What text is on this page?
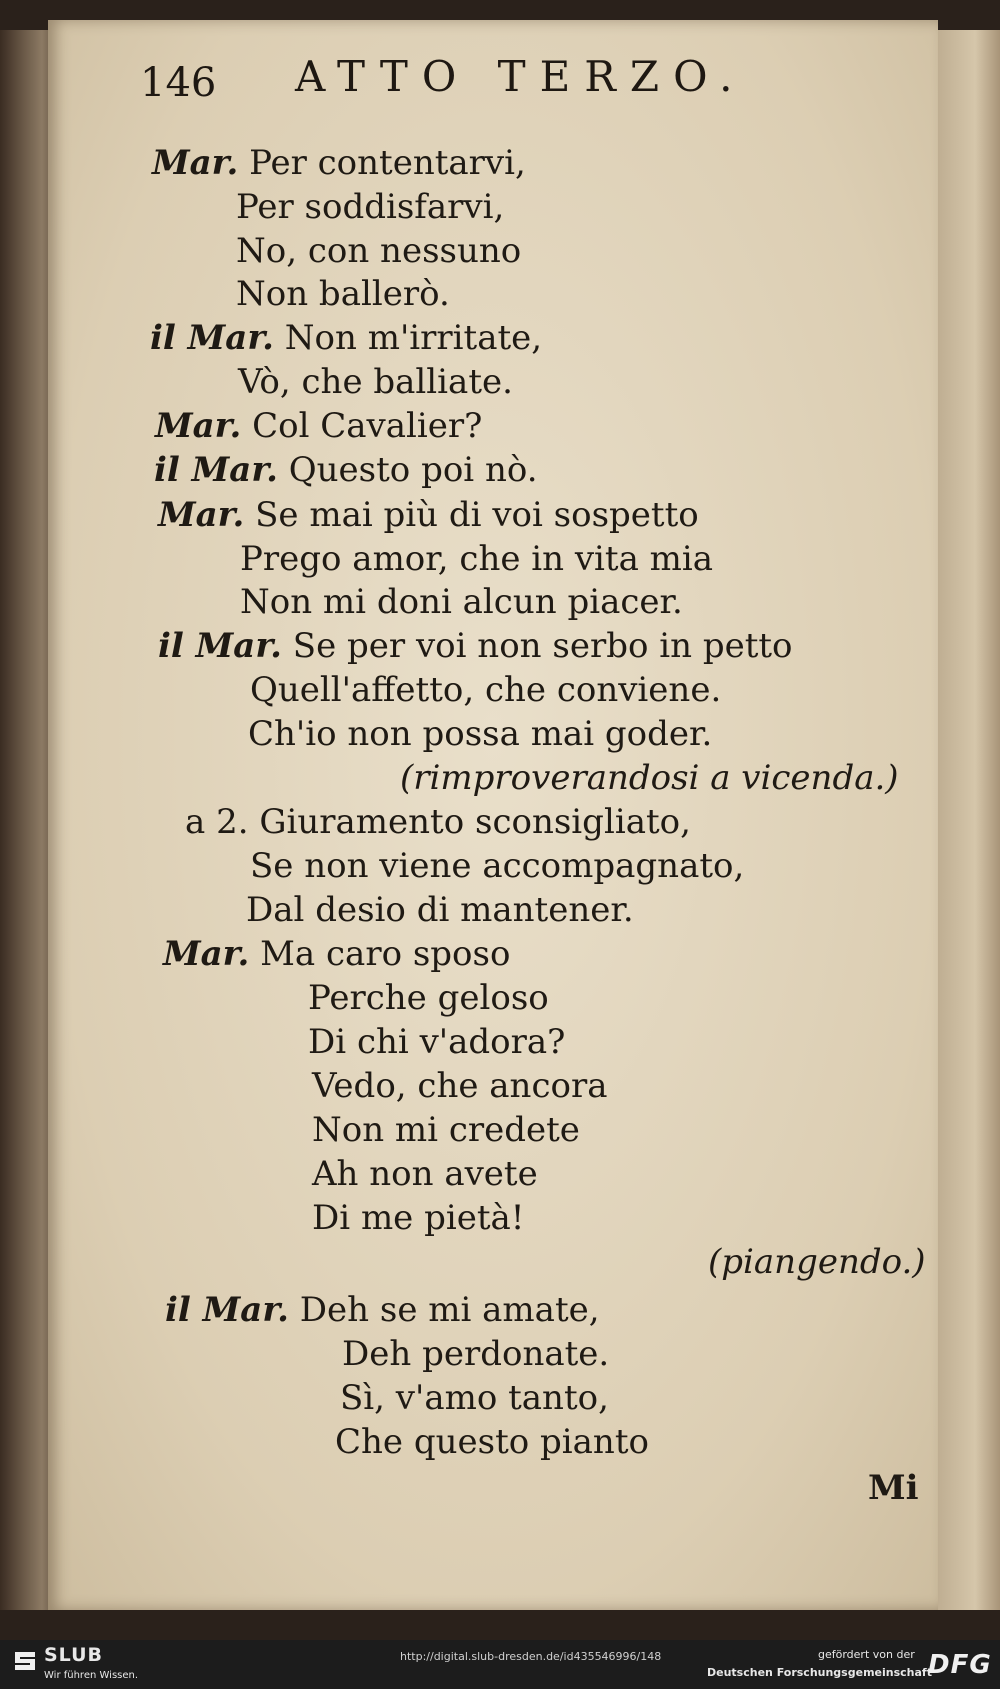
146 ATTO TERZO.
Mar. Per contentarvi,
Per soddisfarvi,
No, con nessuno
Non ballerò.
il Mar. Non m'irritate,
Vò, che balliate.
Mar. Col Cavalier?
il Mar. Questo poi nò.
Mar. Se mai più di voi sospetto
Prego amor, che in vita mia
Non mi doni alcun piacer.
il Mar. Se per voi non serbo in petto
Quell'affetto, che conviene.
Ch'io non possa mai goder.
(rimproverandosi a vicenda.)
a 2. Giuramento sconsigliato,
Se non viene accompagnato,
Dal desio di mantener.
Mar. Ma caro sposo
Perche geloso
Di chi v'adora?
Vedo, che ancora
Non mi credete
Ah non avete
Di me pietà!
(piangendo.)
il Mar. Deh se mi amate,
Deh perdonate.
Sì, v'amo tanto,
Che questo pianto
Mi
SLUB
Wir führen Wissen.
http://digital.slub-dresden.de/id435546996/148	gefördert von der
Deutschen Forschungsgemeinschaft
DFG
